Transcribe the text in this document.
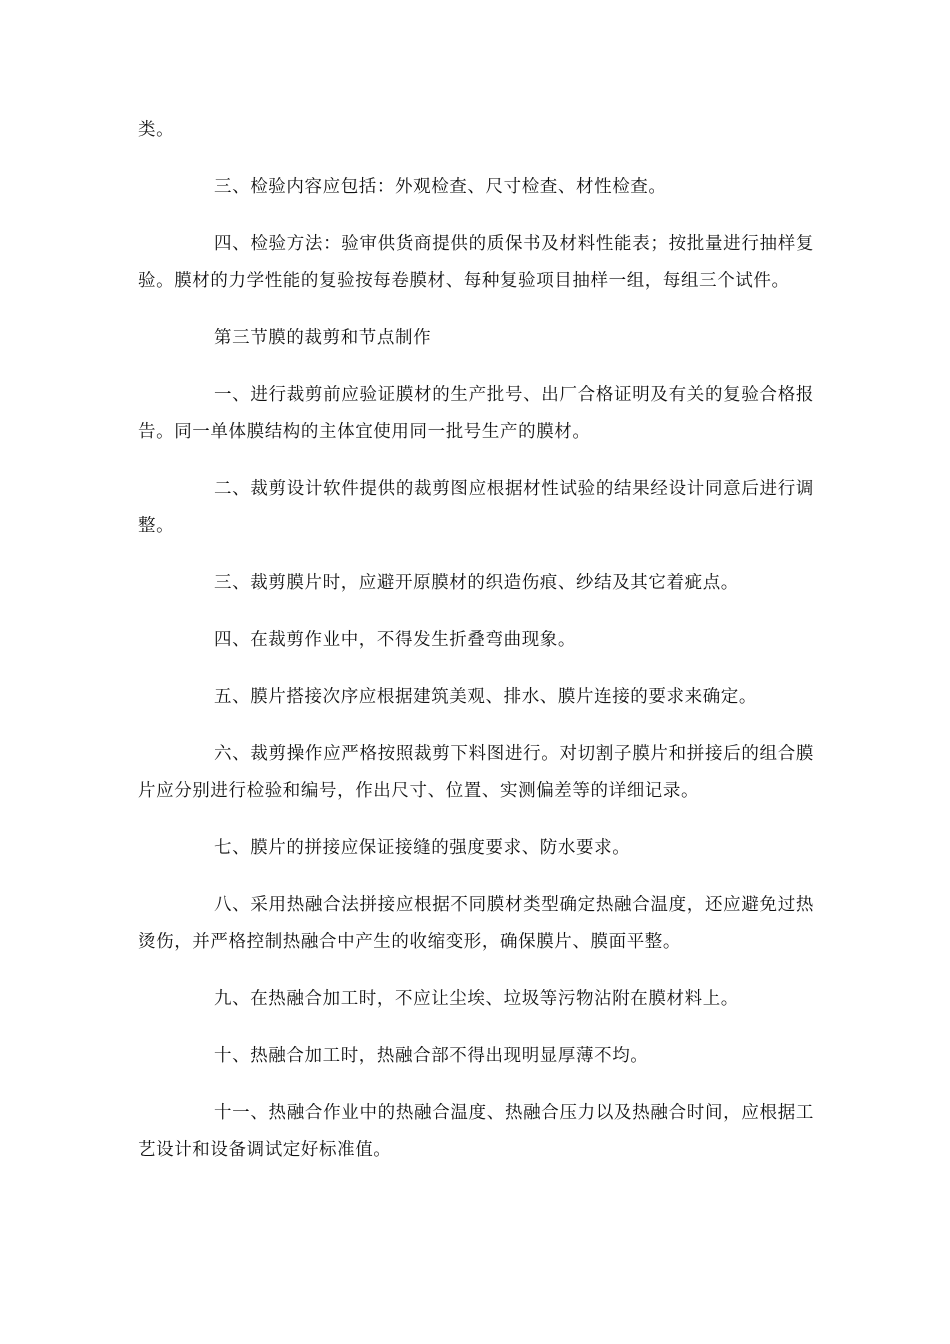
类。

三、检验内容应包括：外观检查、尺寸检查、材性检查。

四、检验方法：验审供货商提供的质保书及材料性能表；按批量进行抽样复验。膜材的力学性能的复验按每卷膜材、每种复验项目抽样一组，每组三个试件。

第三节膜的裁剪和节点制作

一、进行裁剪前应验证膜材的生产批号、出厂合格证明及有关的复验合格报告。同一单体膜结构的主体宜使用同一批号生产的膜材。

二、裁剪设计软件提供的裁剪图应根据材性试验的结果经设计同意后进行调整。

三、裁剪膜片时，应避开原膜材的织造伤痕、纱结及其它着疵点。

四、在裁剪作业中，不得发生折叠弯曲现象。

五、膜片搭接次序应根据建筑美观、排水、膜片连接的要求来确定。

六、裁剪操作应严格按照裁剪下料图进行。对切割子膜片和拼接后的组合膜片应分别进行检验和编号，作出尺寸、位置、实测偏差等的详细记录。

七、膜片的拼接应保证接缝的强度要求、防水要求。

八、采用热融合法拼接应根据不同膜材类型确定热融合温度，还应避免过热烫伤，并严格控制热融合中产生的收缩变形，确保膜片、膜面平整。

九、在热融合加工时，不应让尘埃、垃圾等污物沾附在膜材料上。

十、热融合加工时，热融合部不得出现明显厚薄不均。

十一、热融合作业中的热融合温度、热融合压力以及热融合时间，应根据工艺设计和设备调试定好标准值。
